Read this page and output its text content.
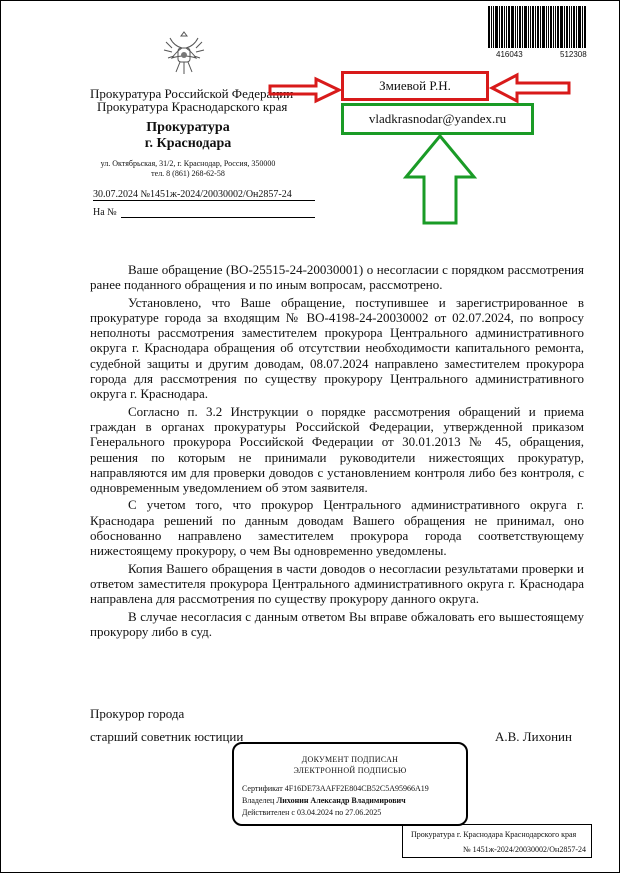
416043	512308
Прокуратура Российской Федерации
Прокуратура Краснодарского края
Прокуратура
г. Краснодара
ул. Октябрьская, 31/2, г. Краснодар, Россия, 350000
тел. 8 (861) 268-62-58
30.07.2024 №1451ж-2024/20030002/Он2857-24
На №
Змиевой Р.Н.
vladkrasnodar@yandex.ru

Ваше обращение (ВО-25515-24-20030001) о несогласии с порядком рассмотрения ранее поданного обращения и по иным вопросам, рассмотрено.

Установлено, что Ваше обращение, поступившее и зарегистрированное в прокуратуре города за входящим № ВО-4198-24-20030002 от 02.07.2024, по вопросу неполноты рассмотрения заместителем прокурора Центрального административного округа г. Краснодара обращения об отсутствии необходимости капитального ремонта, судебной защиты и другим доводам, 08.07.2024 направлено заместителем прокурора города для рассмотрения по существу прокурору Центрального административного округа г. Краснодара.

Согласно п. 3.2 Инструкции о порядке рассмотрения обращений и приема граждан в органах прокуратуры Российской Федерации, утвержденной приказом Генерального прокурора Российской Федерации от 30.01.2013 № 45, обращения, решения по которым не принимали руководители нижестоящих прокуратур, направляются им для проверки доводов с установлением контроля либо без контроля, с одновременным уведомлением об этом заявителя.

С учетом того, что прокурор Центрального административного округа г. Краснодара решений по данным доводам Вашего обращения не принимал, оно обоснованно направлено заместителем прокурора города соответствующему нижестоящему прокурору, о чем Вы одновременно уведомлены.

Копия Вашего обращения в части доводов о несогласии результатами проверки и ответом заместителя прокурора Центрального административного округа г. Краснодара направлена для рассмотрения по существу прокурору данного округа.

В случае несогласия с данным ответом Вы вправе обжаловать его вышестоящему прокурору либо в суд.

Прокурор города
старший советник юстиции	А.В. Лихонин
ДОКУМЕНТ ПОДПИСАН
ЭЛЕКТРОННОЙ ПОДПИСЬЮ
Сертификат 4F16DE73AAFF2E804CB52C5A95966A19
Владелец Лихонин Александр Владимирович
Действителен с 03.04.2024 по 27.06.2025
Прокуратура г. Краснодара Краснодарского края
№ 1451ж-2024/20030002/Он2857-24
